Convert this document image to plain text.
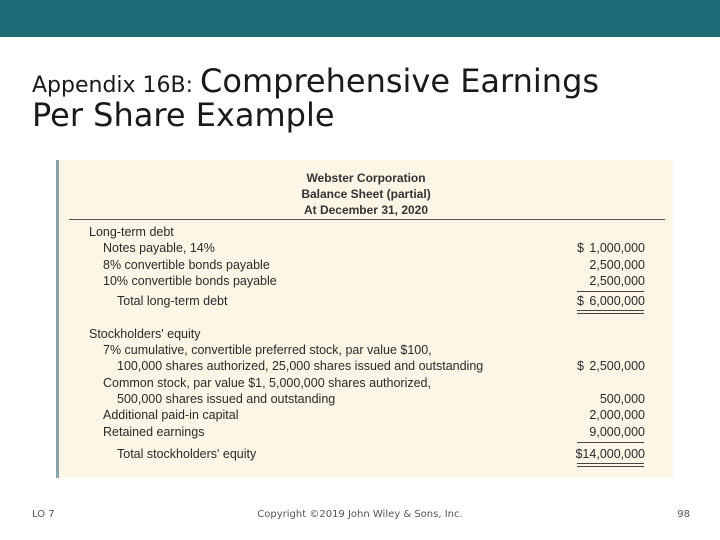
Appendix 16B: Comprehensive Earnings
Per Share Example
Webster Corporation
Balance Sheet (partial)
At December 31, 2020
Long-term debt
Notes payable, 14%	$ 1,000,000
8% convertible bonds payable	2,500,000
10% convertible bonds payable	2,500,000
Total long-term debt	$ 6,000,000
Stockholders' equity
7% cumulative, convertible preferred stock, par value $100,
100,000 shares authorized, 25,000 shares issued and outstanding	$ 2,500,000
Common stock, par value $1, 5,000,000 shares authorized,
500,000 shares issued and outstanding	500,000
Additional paid-in capital	2,000,000
Retained earnings	9,000,000
Total stockholders' equity	$14,000,000
LO 7	Copyright ©2019 John Wiley & Sons, Inc.	98
